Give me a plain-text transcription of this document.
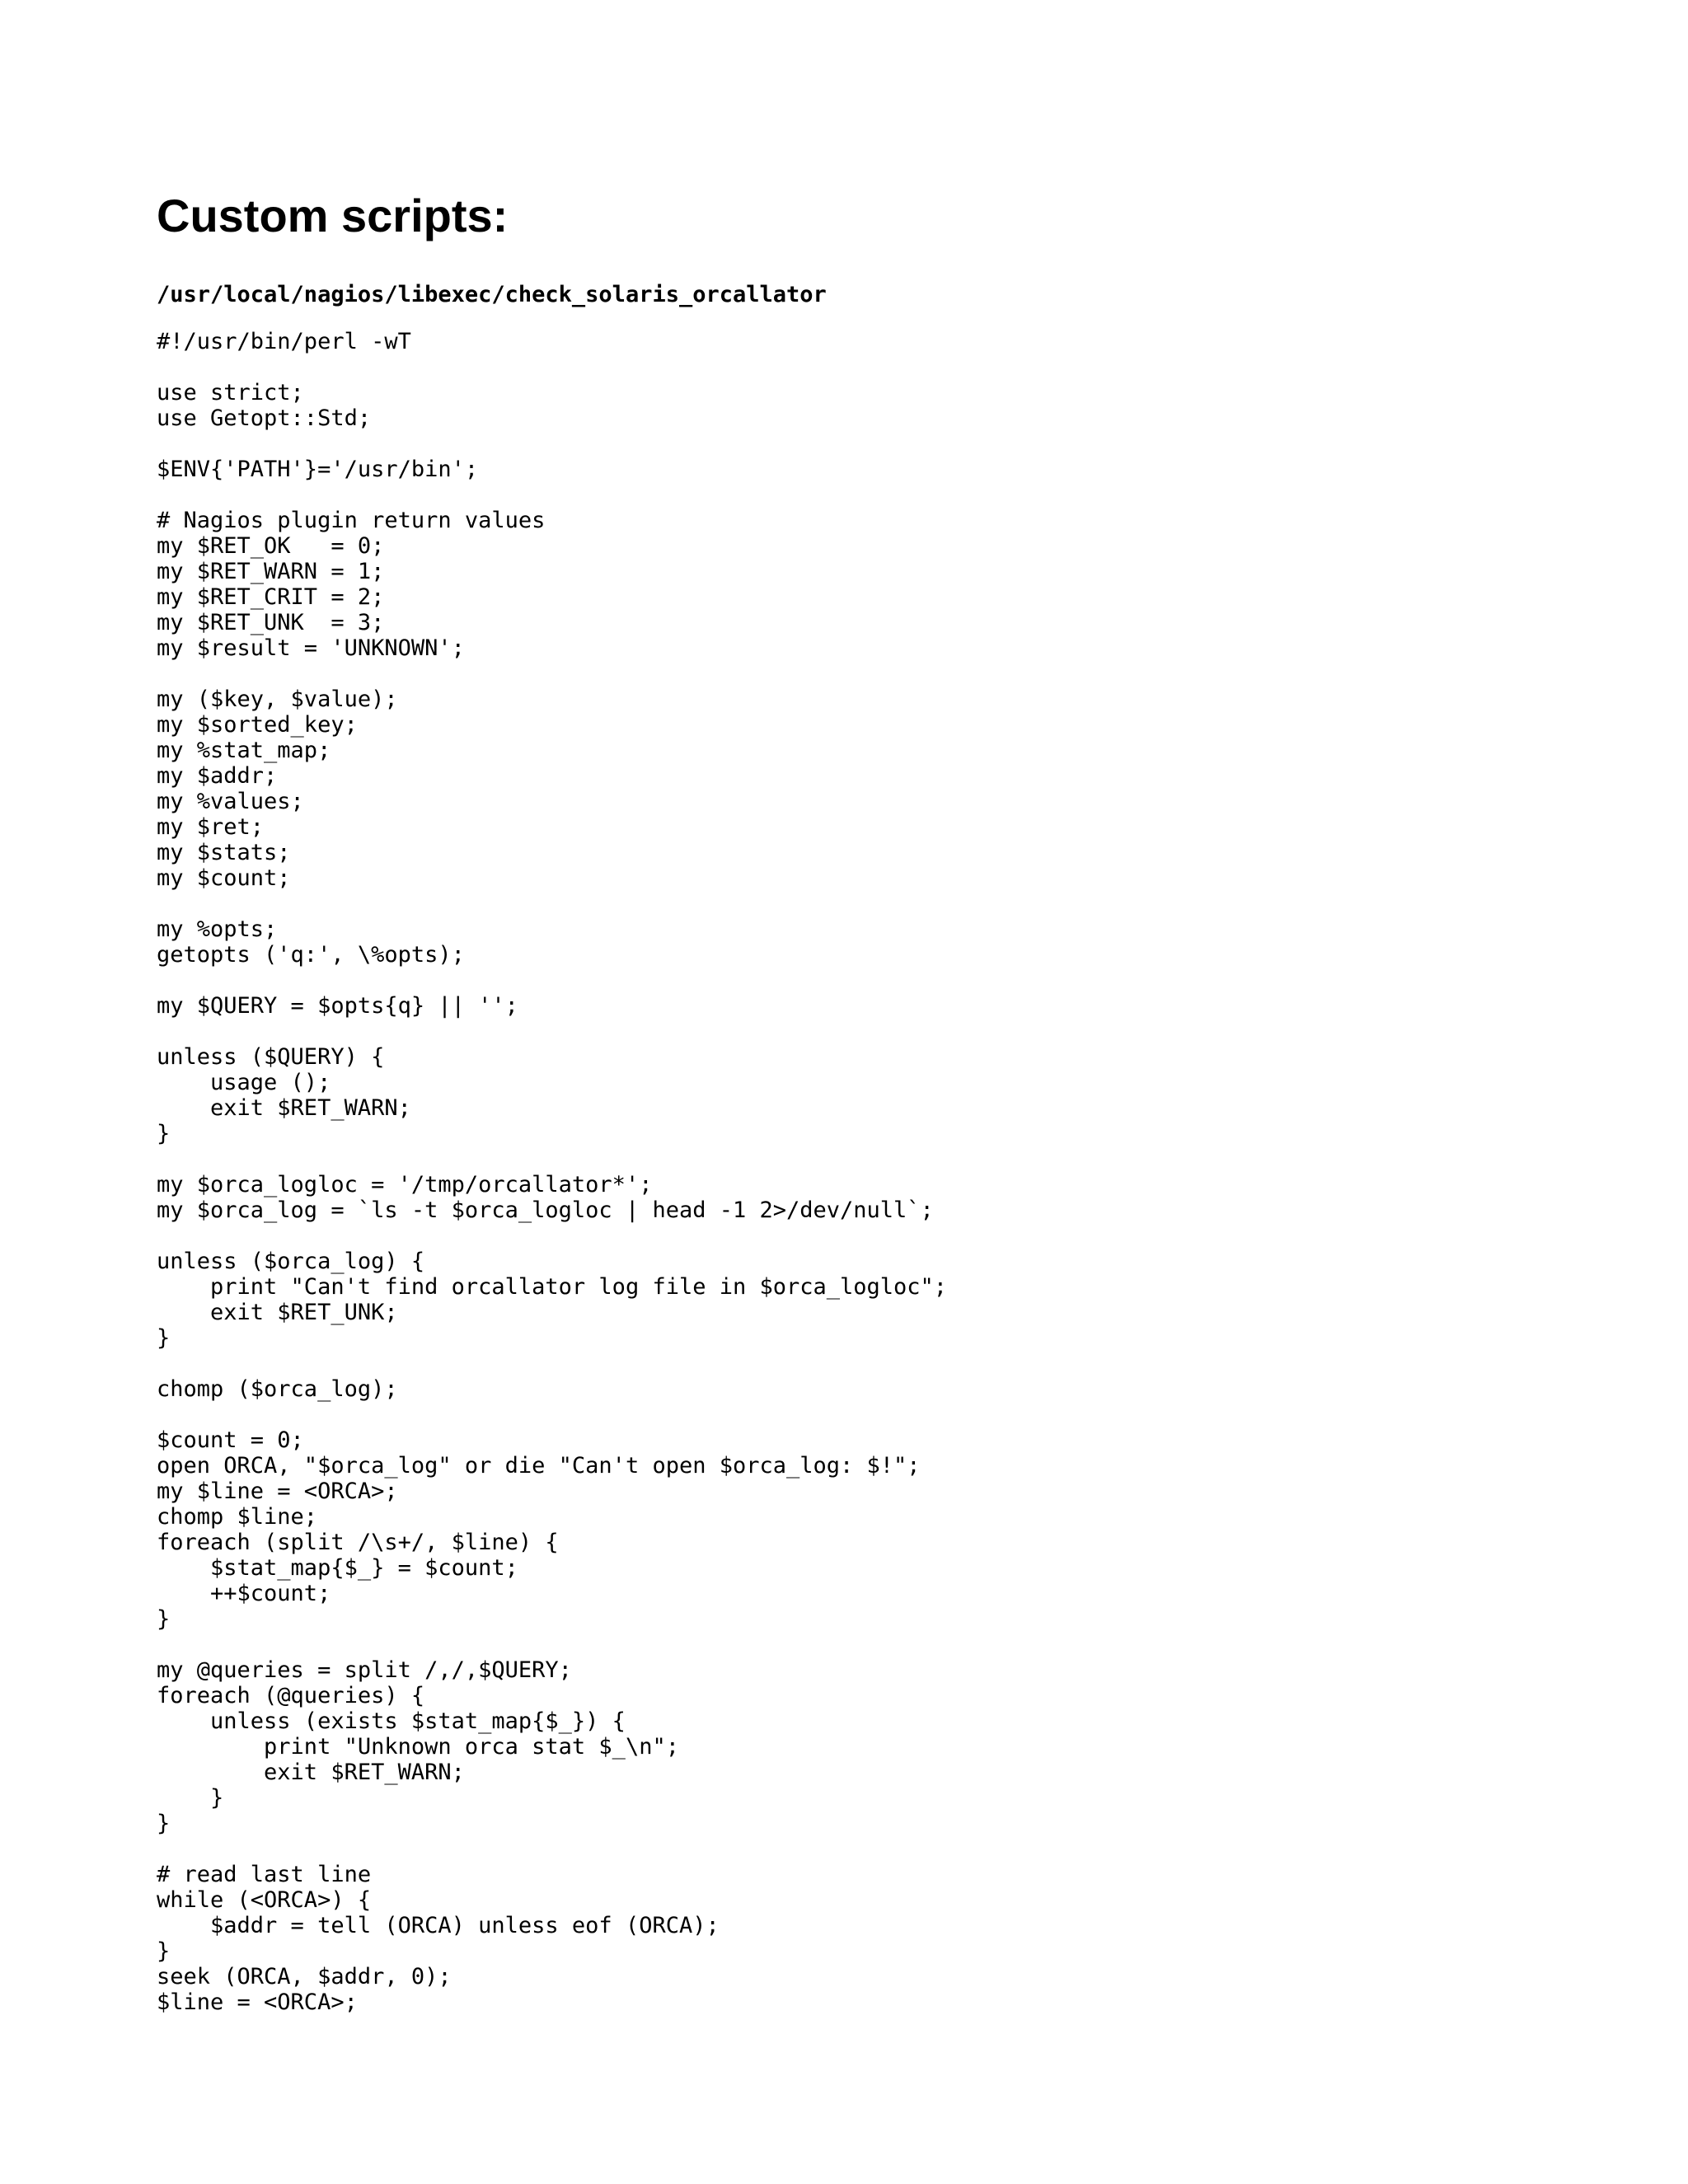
Custom scripts:
/usr/local/nagios/libexec/check_solaris_orcallator
#!/usr/bin/perl -wT
use strict;
use Getopt::Std;
$ENV{'PATH'}='/usr/bin';
# Nagios plugin return values
my $RET_OK   = 0;
my $RET_WARN = 1;
my $RET_CRIT = 2;
my $RET_UNK  = 3;
my $result = 'UNKNOWN';
my ($key, $value);
my $sorted_key;
my %stat_map;
my $addr;
my %values;
my $ret;
my $stats;
my $count;
my %opts;
getopts ('q:', \%opts);
my $QUERY = $opts{q} || '';
unless ($QUERY) {
usage ();
exit $RET_WARN;
}
my $orca_logloc = '/tmp/orcallator*';
my $orca_log = `ls -t $orca_logloc | head -1 2>/dev/null`;
unless ($orca_log) {
print "Can't find orcallator log file in $orca_logloc";
exit $RET_UNK;
}
chomp ($orca_log);
$count = 0;
open ORCA, "$orca_log" or die "Can't open $orca_log: $!";
my $line = <ORCA>;
chomp $line;
foreach (split /\s+/, $line) {
$stat_map{$_} = $count;
++$count;
}
my @queries = split /,/,$QUERY;
foreach (@queries) {
unless (exists $stat_map{$_}) {
print "Unknown orca stat $_\n";
exit $RET_WARN;
}
}
# read last line
while (<ORCA>) {
$addr = tell (ORCA) unless eof (ORCA);
}
seek (ORCA, $addr, 0);
$line = <ORCA>;
